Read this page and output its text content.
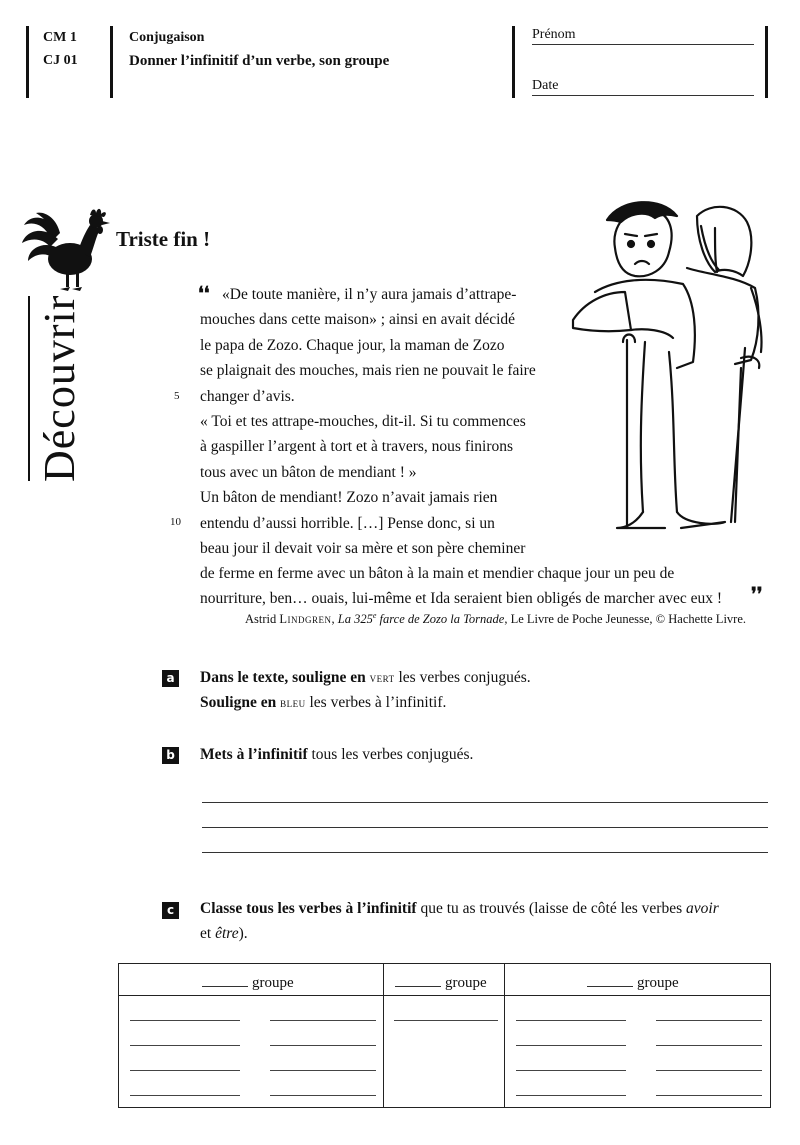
CM 1
CJ 01
Conjugaison
Donner l’infinitif d’un verbe, son groupe
Prénom
Date
Découvrir
Triste fin !
❛❛ «De toute manière, il n’y aura jamais d’attrape-
mouches dans cette maison» ; ainsi en avait décidé
le papa de Zozo. Chaque jour, la maman de Zozo
se plaignait des mouches, mais rien ne pouvait le faire
changer d’avis.
« Toi et tes attrape-mouches, dit-il. Si tu commences
à gaspiller l’argent à tort et à travers, nous finirons
tous avec un bâton de mendiant ! »
Un bâton de mendiant! Zozo n’avait jamais rien
entendu d’aussi horrible. […] Pense donc, si un
beau jour il devait voir sa mère et son père cheminer
de ferme en ferme avec un bâton à la main et mendier chaque jour un peu de
nourriture, ben… ouais, lui-même et Ida seraient bien obligés de marcher avec eux ! ❜❜
5
10
Astrid Lindgren, La 325e farce de Zozo la Tornade, Le Livre de Poche Jeunesse, © Hachette Livre.
a Dans le texte, souligne en vert les verbes conjugués.
Souligne en bleu les verbes à l’infinitif.
b Mets à l’infinitif tous les verbes conjugués.
c	Classe tous les verbes à l’infinitif que tu as trouvés (laisse de côté les verbes avoir
et être).
groupe	groupe	groupe
